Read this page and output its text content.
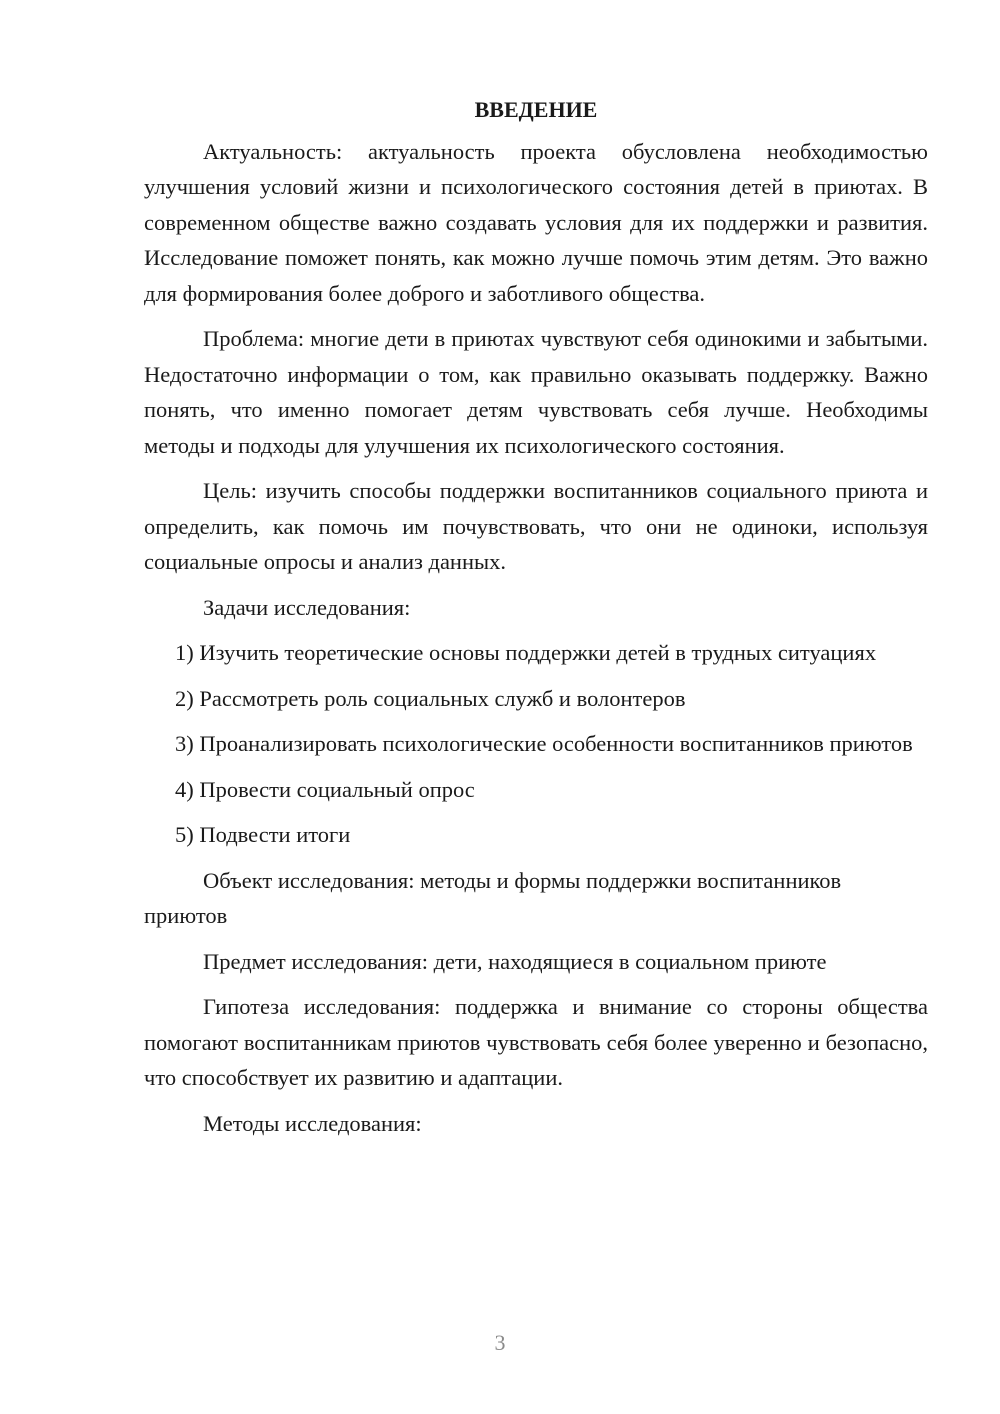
ВВЕДЕНИЕ

Актуальность: актуальность проекта обусловлена необходимостью улучшения условий жизни и психологического состояния детей в приютах. В современном обществе важно создавать условия для их поддержки и развития. Исследование поможет понять, как можно лучше помочь этим детям. Это важно для формирования более доброго и заботливого общества.

Проблема: многие дети в приютах чувствуют себя одинокими и забытыми. Недостаточно информации о том, как правильно оказывать поддержку. Важно понять, что именно помогает детям чувствовать себя лучше. Необходимы методы и подходы для улучшения их психологического состояния.

Цель: изучить способы поддержки воспитанников социального приюта и определить, как помочь им почувствовать, что они не одиноки, используя социальные опросы и анализ данных.

Задачи исследования:

1) Изучить теоретические основы поддержки детей в трудных ситуациях

2) Рассмотреть роль социальных служб и волонтеров

3) Проанализировать психологические особенности воспитанников приютов

4) Провести социальный опрос

5) Подвести итоги

Объект исследования: методы и формы поддержки воспитанников приютов

Предмет исследования: дети, находящиеся в социальном приюте

Гипотеза исследования: поддержка и внимание со стороны общества помогают воспитанникам приютов чувствовать себя более уверенно и безопасно, что способствует их развитию и адаптации.

Методы исследования:

3
